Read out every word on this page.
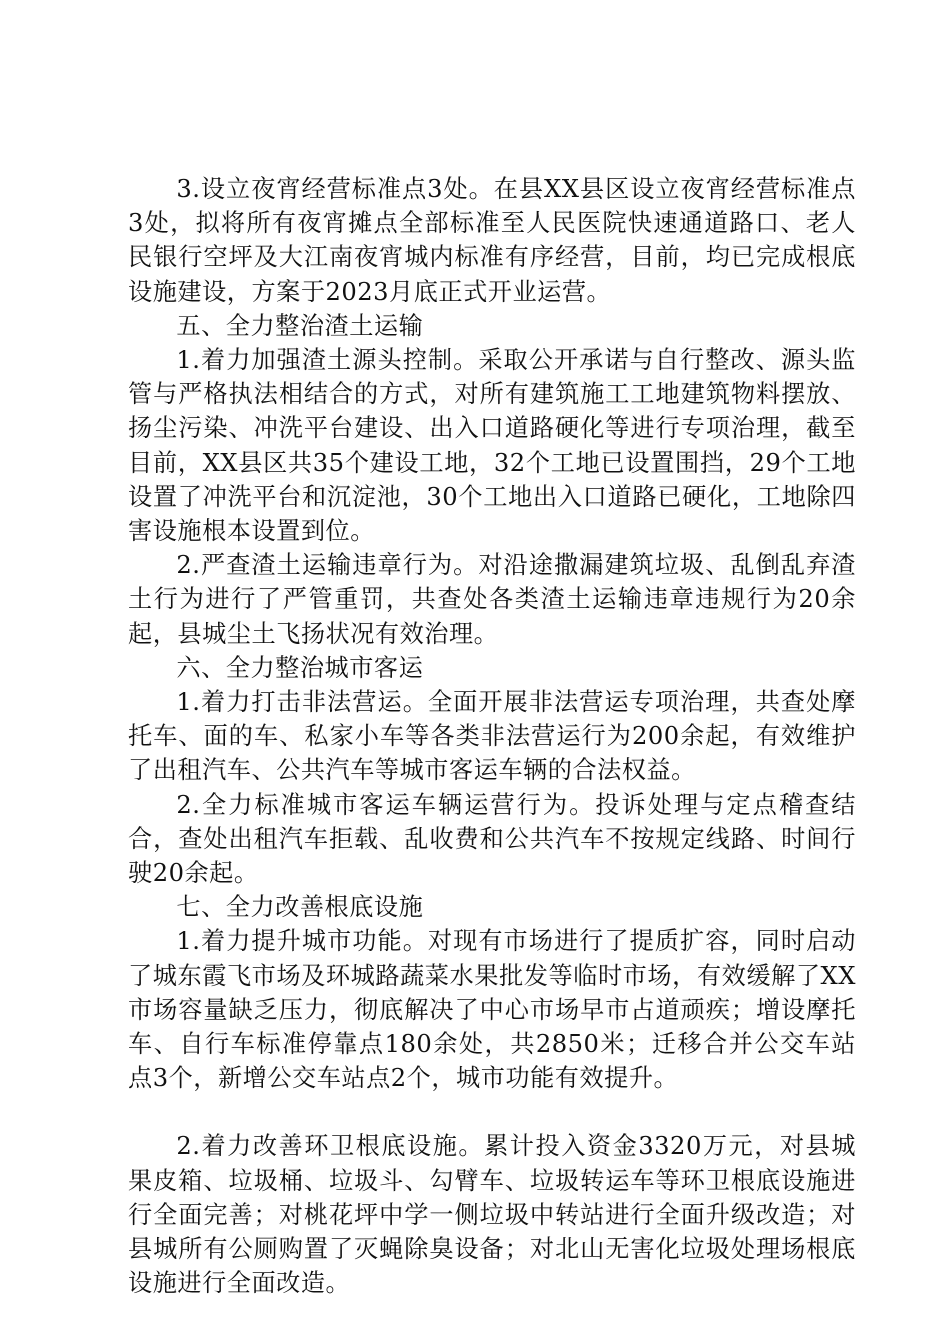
3.设立夜宵经营标准点3处。在县XX县区设立夜宵经营标准点3处，拟将所有夜宵摊点全部标准至人民医院快速通道路口、老人民银行空坪及大江南夜宵城内标准有序经营，目前，均已完成根底设施建设，方案于2023月底正式开业运营。

五、全力整治渣土运输

1.着力加强渣土源头控制。采取公开承诺与自行整改、源头监管与严格执法相结合的方式，对所有建筑施工工地建筑物料摆放、扬尘污染、冲洗平台建设、出入口道路硬化等进行专项治理，截至目前，XX县区共35个建设工地，32个工地已设置围挡，29个工地设置了冲洗平台和沉淀池，30个工地出入口道路已硬化，工地除四害设施根本设置到位。

2.严查渣土运输违章行为。对沿途撒漏建筑垃圾、乱倒乱弃渣土行为进行了严管重罚，共查处各类渣土运输违章违规行为20余起，县城尘土飞扬状况有效治理。

六、全力整治城市客运

1.着力打击非法营运。全面开展非法营运专项治理，共查处摩托车、面的车、私家小车等各类非法营运行为200余起，有效维护了出租汽车、公共汽车等城市客运车辆的合法权益。

2.全力标准城市客运车辆运营行为。投诉处理与定点稽查结合，查处出租汽车拒载、乱收费和公共汽车不按规定线路、时间行驶20余起。

七、全力改善根底设施

1.着力提升城市功能。对现有市场进行了提质扩容，同时启动了城东霞飞市场及环城路蔬菜水果批发等临时市场，有效缓解了XX市场容量缺乏压力，彻底解决了中心市场早市占道顽疾；增设摩托车、自行车标准停靠点180余处，共2850米；迁移合并公交车站点3个，新增公交车站点2个，城市功能有效提升。

2.着力改善环卫根底设施。累计投入资金3320万元，对县城果皮箱、垃圾桶、垃圾斗、勾臂车、垃圾转运车等环卫根底设施进行全面完善；对桃花坪中学一侧垃圾中转站进行全面升级改造；对县城所有公厕购置了灭蝇除臭设备；对北山无害化垃圾处理场根底设施进行全面改造。
